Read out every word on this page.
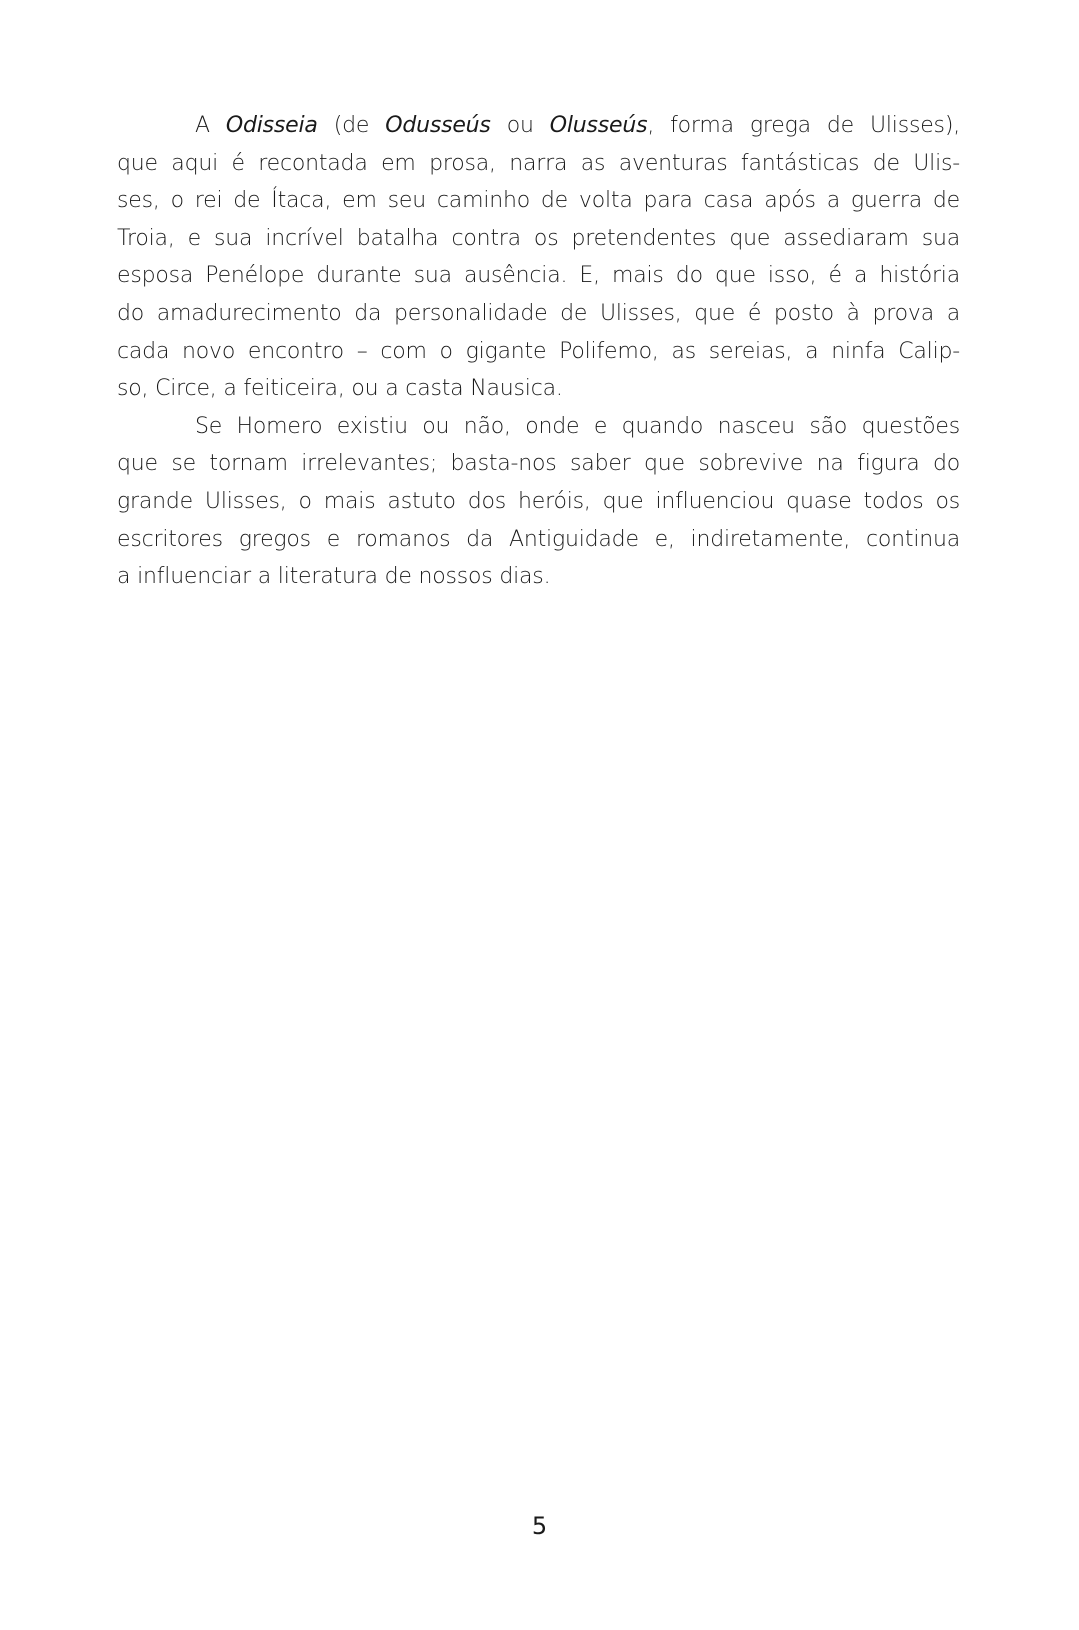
A Odisseia (de Odusseús ou Olusseús, forma grega de Ulisses),
que aqui é recontada em prosa, narra as aventuras fantásticas de Ulis-
ses, o rei de Ítaca, em seu caminho de volta para casa após a guerra de
Troia, e sua incrível batalha contra os pretendentes que assediaram sua
esposa Penélope durante sua ausência. E, mais do que isso, é a história
do amadurecimento da personalidade de Ulisses, que é posto à prova a
cada novo encontro – com o gigante Polifemo, as sereias, a ninfa Calip-
so, Circe, a feiticeira, ou a casta Nausica.
Se Homero existiu ou não, onde e quando nasceu são questões
que se tornam irrelevantes; basta-nos saber que sobrevive na figura do
grande Ulisses, o mais astuto dos heróis, que influenciou quase todos os
escritores gregos e romanos da Antiguidade e, indiretamente, continua
a influenciar a literatura de nossos dias.
5
